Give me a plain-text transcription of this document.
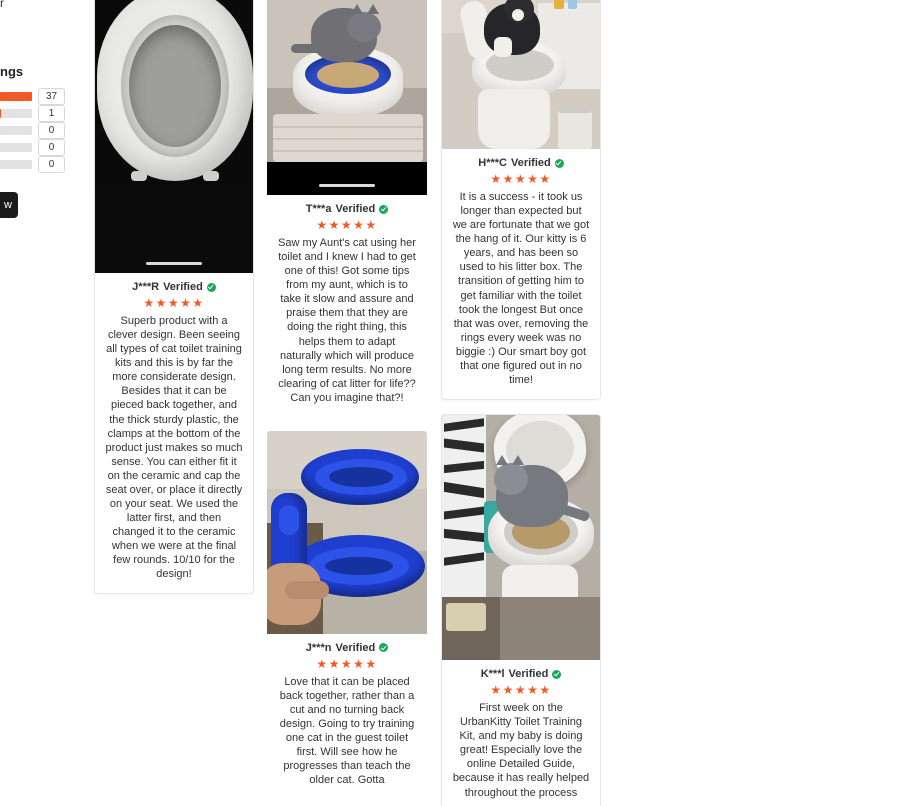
r
ngs
37
1
0
0
0
w
J***R Verified
★★★★★
Superb product with a clever design. Been seeing all types of cat toilet training kits and this is by far the more considerate design. Besides that it can be pieced back together, and the thick sturdy plastic, the clamps at the bottom of the product just makes so much sense. You can either fit it on the ceramic and cap the seat over, or place it directly on your seat. We used the latter first, and then changed it to the ceramic when we were at the final few rounds. 10/10 for the design!
T***a Verified
★★★★★
Saw my Aunt's cat using her toilet and I knew I had to get one of this! Got some tips from my aunt, which is to take it slow and assure and praise them that they are doing the right thing, this helps them to adapt naturally which will produce long term results. No more clearing of cat litter for life?? Can you imagine that?!
J***n Verified
★★★★★
Love that it can be placed back together, rather than a cut and no turning back design. Going to try training one cat in the guest toilet first. Will see how he progresses than teach the older cat. Gotta
H***C Verified
★★★★★
It is a success - it took us longer than expected but we are fortunate that we got the hang of it. Our kitty is 6 years, and has been so used to his litter box. The transition of getting him to get familiar with the toilet took the longest But once that was over, removing the rings every week was no biggie :) Our smart boy got that one figured out in no time!
K***l Verified
★★★★★
First week on the UrbanKitty Toilet Training Kit, and my baby is doing great! Especially love the online Detailed Guide, because it has really helped throughout the process
